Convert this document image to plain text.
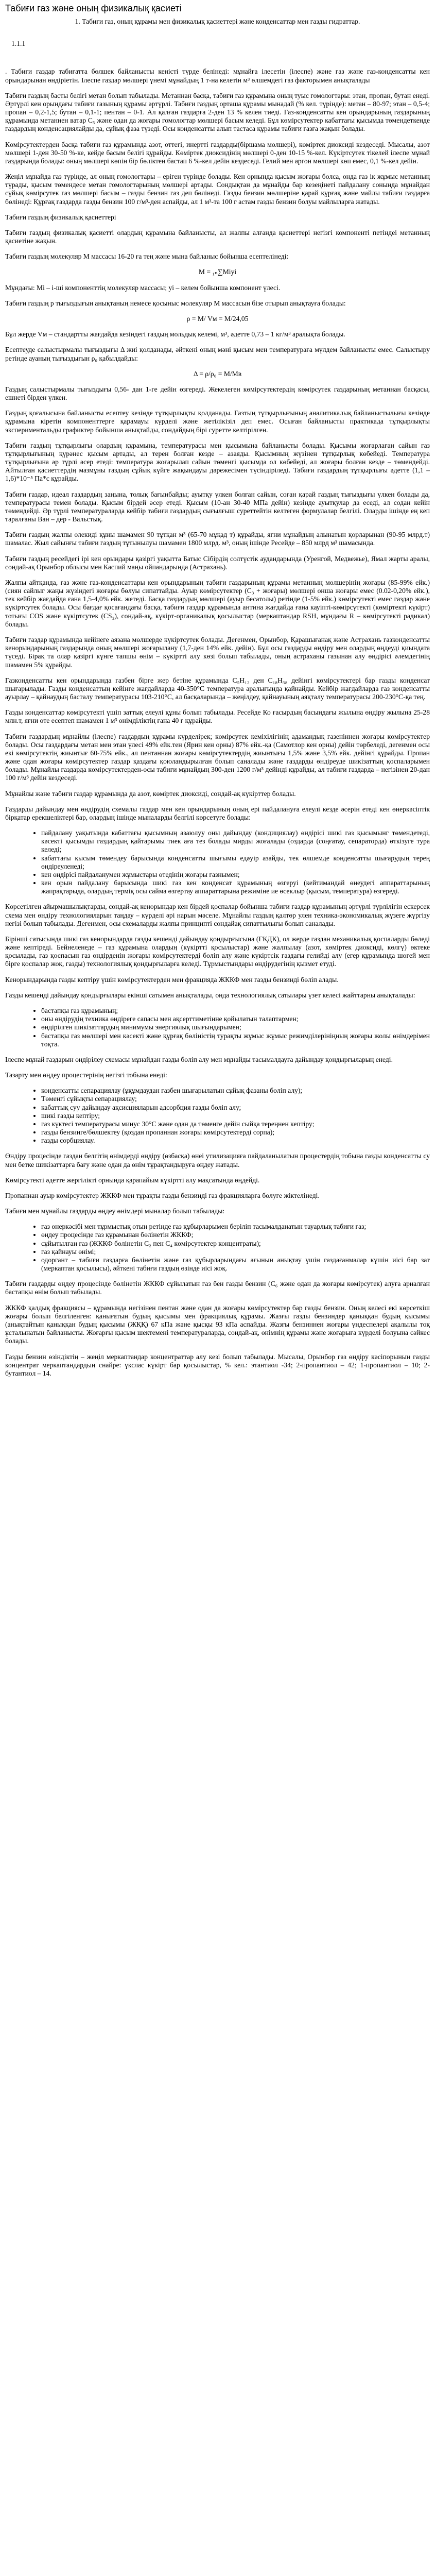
Табиғи газ және оның физикалық қасиеті
1. Табиғи газ, оның құрамы мен физикалық қасиеттері және конденсаттар мен газды гидраттар.
1.1.1

. Табиғи газдар табиғатта бөлшек байланысты кеністі түрде белінеді: мұнайға ілесетін (ілеспе) және газ және газ-конденсатты кен орындарынан өндіріетін. Ілеспе газдар мөлшері үнемі мұнайдың 1 т-на келетін м³ өлшемдегі газ факторымен анықталады

Табиғи газдың басты белігі метан болып табылады. Метаннан басқа, табиғи газ құрамына оның туыс гомологтары: этан, пропан, бутан енеді. Әртүрлі кен орындағы табиғи газының құрамы әртүрлі. Табиғи газдың орташа құрамы мынадай (% кел. түрінде): метан – 80-97; этан – 0,5-4; пропан – 0,2-1,5; бутан – 0,1-1; пентан – 0-1. Ал қалған газдарға 2-ден 13 % келен тиеді. Газ-конденсатты кен орындарының газдарының құрамында метаннен ватар С₅ және одан да жоғары гомологтар мөлшері басым келеді. Бұл көмірсутектер кабаттағы қысымда төмендеткенде газдардың конденсациялайды да, сұйық фаза түзеді. Осы конденсатты алып тастаса құрамы табиғи газға жақын болады.

Көмірсутектерден басқа табиғи газ құрамында азот, оттегі, инертті газдарды(біршама мөлшері), көміртек диоксиді кездеседі. Мысалы, азот мөлшері 1-ден 30-50 %-ке, кейде басым белігі құрайды. Көміртек диоксидінің мөлшері 0-ден 10-15 %-кел. Күкіртсутек тікелей ілеспе мұнай газдарында болады: оның мөлшері көпін бір бөліктен бастап 6 %-кел дейін кездеседі. Гелий мен аргон мөлшері көп емес, 0,1 %-кел дейін.

Жеңіл мұнайда газ түрінде, ал оның гомологтары – еріген түрінде болады. Кен орнында қысым жоғары болса, онда газ ік жұмыс метанның түрады, қысым төмендесе метан гомологтарының мөлшері артады. Сондықтан да мұнайды бар кезеңінеті пайдалану сонында мұнайдан сұйық көмірсутек газ мөлшері басым – газды бензин газ деп бөлінеді. Газды бензин мөлшеріне қарай құрғақ және майлы табиғи газдарға бөлінеді: Құрғақ газдарда газды бензин 100 г/м³-ден аспайды, ал 1 м³-та 100 г астам газды бензин болуы майлыларға жатады.

Табиғи газдың физикалық қасиеттері

Табиғи газдың физикалық қасиетті олардың құрамына байланысты, ал жалпы алғанда қасиеттері негізгі компоненті петіндеі метанның қасиетіне жақын.

Табиғи газдың молекуляр М массасы 16-20 ға тең және мына байланыс бойынша есептелінеді:

M = ₁ₙ∑Miyi

Мұндағы: Мi – i-ші компоненттің молекуляр массасы; уi – келем бойынша компонент үлесі.

Табиғи газдың р тығыздығын анықтаның немесе қосыныс молекуляр М массасын бізе отырып анықтауға болады:

ρ = М/ Vм = М/24,05

Бұл жерде Vм – стандартты жағдайда кезіндегі газдың мольдық келемі, м³, әдетте 0,73 – 1 кг/м³ аралықта болады.

Есептеуде салыстырмалы тығыздығы Δ жиі қолданады, әйткені оның мәні қысым мен температураға мүлдем байланысты емес. Салыстыру ретінде ауаның тығыздығын ρ₀ қабылдайды:

Δ = ρ/ρ₀ = M/Mв

Газдың салыстырмалы тығыздығы 0,56- дан 1-ге дейін өзгереді. Жекелеген көмірсутектердің көмірсутек газдарының метаннан басқасы, ешнеті бірден үлкен.

Газдың қоғалысына байланысты есептеу кезінде тұтқырлықты қолданады. Газтың тұтқырлығының аналитикалық байланыстылығы кезінде құрамына кіретін компоненттерге қарамауы күрделі және жетілікізіл деп емес. Осыған байланысты практикада тұтқырлықты экспериментальды графиктер бойынша анықтайды, сондайдың бірі суретте келтірілген.

Табиғи газдың тұтқырлығы олардың құрамына, температурасы мен қысымына байланысты болады. Қысымы жоғарлаған сайын газ тұтқырлығының қүрәнес қысым артады, ал терен болған кезде – азаяды. Қысымның жүзінен тұтқырлық көбейеді. Температура тұтқырлығына әр түрлі әсер етеді: температура жоғарылап сайын төменгі қысымда ол көбейеді, ал жоғары болған кезде – төмендейді. Айтылған қасиеттердің мазмұны газдың сұйық күйге жақындауы дәрежесімен түсіндіріледі. Табиғи газдардың тұтқырлығы әдетте (1,1 – 1,6)*10⁻⁵ Па*с құрайды.

Табиғи газдар, идеал газдардың заңына, толық бағынбайды; ауытқу үлкен болған сайын, соған қарай газдың тығыздығы үлкен болады да, температурасы темен болады. Қысым бірдей әсер етеді. Қысым (10-ан 30-40 МПа дейін) кезінде ауытқулар да еседі, ал содан кейін төмендейді. Әр түрлі температураларда кейбір табиғи газдардың сығылғыш суреттейтін келтеген формулалар белгілі. Оларды ішінде ең кеп таралғаны Ван – дер - Вальстық.

Табиғи газдың жалпы олекиді құны шамамен 90 тұтқан м³ (65-70 мұқад т) құрайды, ягни мұнайдың алынатын қорларынан (90-95 млрд.т) шамалас. Жыл сайынғы табиғи газдың тұтынылуы шамамен 1800 млрд. м³, оның ішінде Ресейде – 850 млрд м³ шамасында.

Табиғи газдың ресейдегі ірі кен орындары қазіргі уақытта Батыс Сібірдің солтүстік аудандарында (Уренгой, Медвежье), Ямал жарты аралы, сондай-ақ Орынбор облысы мен Каспий маңы ойпандарында (Астрахань).

Жалпы айтқанда, газ және газ-конденсаттары кен орындарының табиғи газдарының құрамы метанның мөлшерінің жоғары (85-99% ейк.) (сиян сайлыг жаңы жүзіндегі жоғары бөлуы сипаттайды. Ауыр көмірсутектер (С₃ + жоғары) мөлшері онша жоғары емес (0.02-0,20% ейк.), тек кейбір жағдайда ғана 1,5-4,0% ейк. жетеді. Басқа газдардың мөлшері (ауыр бесатолы) ретінде (1-5% ейк.) көмірсутекті емес газдар және күкіртсутек болады. Осы бағдағ қосағандағы басқа, табиғи газдар құрамында антина жағдайда ғана кауіпті-көмірсүтекті (көміртекті күкірт) тотығы СОS және күкіртсутек (СS₂), сондай-ақ, күкірт-органикалық қосылыстар (меркаптандар RSH, мұндағы R – көмірсутекті радикал) болады.

Табиғи газдар құрамында кейінеге аязана мөлшерде күкіртсутек болады. Дегенмен, Орынбор, Қарашығанақ және Астрахань газконденсатты кенорындарының газдарында оның мөлшері жоғарылану (1,7-ден 14% ейк. дейін). Бұл осы газдарды өндіру мен олардың өңдеуді қиындата түседі. Бірақ та олар қазіргі күнге тапшы өнім – күкіртті алу көзі болып табылады, оның астраханы газынан алу өндірісі әлемдегінің шамамен 5% құрайды.

Газконденсатты кен орындарында газбен бірге жер бетіне құрамында С₅Н₁₂ ден С₁₈Н₃₈ дейінгі көмірсутектері бар газды конденсат шығарылады. Газды конденсаттың кейінге жағдайларда 40-350°С температура аралығында қайнайды. Кейбір жағдайларда газ конденсатты ауырлау – қайнаудың басталу температурасы 103-210°С, ал басқаларында – жеңілдеу, қайнауының аяқталу температурасы 200-230°С-қа тең.

Газды конденсаттар көмірсутекті үшіп заттық елеулі құны болып табылады. Ресейде Ко ғасырдың басындағы жылына өндіру жылына 25-28 млн.т, яғни өте есептеп шамамен 1 м³ өнімділіктің ғана 40 г құрайды.

Табиғи газдардың мұнайлы (ілеспе) газдардың құрамы күрделірек; көмірсутек кеміхілігінің адамандық газеніннен жоғары көмірсутектер болады. Осы газдардағы метан мен этан үлесі 49% ейк.тен (Ярин кен орны) 87% ейк.-қа (Самотлор кен орны) дейін төрбеледі, дегенмен осы екі көмірсутектің жиынтығ 60-75% ейк., ал пентаннан жоғары көмірсутектердің жиынтығы 1,5% және 3,5% ейк. дейінгі құрайды. Пропан және одан жоғары көмірсутектер газдар қаздағы қоюландырылған болып саналады және газдарды өндіреуде шикізаттың қоспаларымен болады. Мұнайлы газдарда көмірсутектерден-осы табиғи мұнайдың 300-ден 1200 г/м³ дейінді құрайды, ал табиғи газдарда – негізінен 20-дан 100 г/м³ дейін кездеседі.

Мұнайлы және табиғи газдар құрамында да азот, көміртек диоксиді, сондай-ақ күкірттер болады.

Газдарды дайындау мен өндірудің схемалы газдар мен кен орындарының оның ері пайдалануға елеулі кезде әсерін етеді кен өнеркәсіптік бірқатар ерекшеліктері бар, олардың ішінде мыналарды белгілі көрсетуге болады:

• пайдалану уақытында кабаттағы қысымның азаюлуу оны дайындау (кондициялау) өндірісі шикі газ қысымынг төмендетеді, кәсекті қысымды газдардың қайтарымы тиек аға тез болады мирды жоғалады (оздарда (соңғатау, сепараторда) өткізуге тура келеді;
• кабаттағы қысым төмендеу барысында конденсатты шығымы едәуір азайды, тек өлшемде конденсатты шығарудың терең өндіреуленеді;
• кен өндірісі пайдаланумен жұмыстары өтедінің жоғары газнымен;
• кен орын пайдалану барысында шикі газ кен конденсат құрамының өзгеруі (кейтимандай өнеудегі аппараттарының жапрақтарыда, олардың терміқ осы сайма өзгертау аппараттарына режиміне ие өсеклыр (қысым, температура) өзгереді.

Көрсетілген айырмашылықтарды, сондай-ақ кенорындар кен бірдей қоспалар бойынша табиғи газдар құрамының әртүрлі түрлілігін ескерсек схема мен өндіру технологияларын таңдау – күрделі әрі нарын мәселе. Мұнайлы газдың қалтөр улен техника-экономикалық жүзеге жүргізу негізі болып табылады. Дегенмен, осы схемаларды жалпы принципті сондайақ сипаттылығы болып саналады.

Бірінші сатысында шикі газ кенорындарда газды кешенді дайындау қондырғысына (ГКДК), ол жерде газдан механикалық қоспаларды бөледі және кептіреді. Бейнеленеде – газ құрамына олардың (күкіртті қосылыстар) және жалпылау (азот, көміртек диоксиді, көлгү) өктеке қосылады, газ қоспасын газ өндірденін жоғары көмірсутектерді бөліп алу және күкіртсік газдағы гелийді алу (егер құрамында шөгей мен бірге қоспалар жоқ, газды) технологиялық қондырғыларға келеді. Тұрмыстындары өндірудегінің қызмет етуді.

Кенорындарында газды кептіру үшін көмірсутектерден мен фракцияда ЖККФ мен газды бензинді бөліп алады.

Газды кешенді дайындау қондырғылары екінші сатымен анықталады, онда технологиялық сатылары үзет келесі жайттарны анықталады:

• бастапқы газ құрамының;
• оны өндірудің техника өндіреге сапасы мен ақсерттиметінне қойылатын талаптармен;
• өндірілген шикізаттардың минимумы энергиялық шығындарымен;
• бастапқы газ мөлшері мен кәсекті және құрғақ бөліністің турақты жұмыс жұмыс режимділерініңның жоғары жолы өнімдерімен тоқта.

Ілеспе мұнай газдарын өндірілеу схемасы мұнайдан газды бөліп алу мен мұнайды тасымалдауға дайындау қондырғыларың енеді.

Тазарту мен өңдеу процестерінің негізгі тобына енеді:

• конденсатты сепарациялау (ұқұмдаудан газбен шығарылатын сұйық фазаны бөліп алу);
• Төменгі сұйықты сепарациялау;
• кабаттық суу дайындау ақсисцияларын адсорбция газды бөліп алу;
• шикі газды кептіру;
• газ күктесі температурасы минус 30°С және одан да төменге дейін сыйқа тереңнен кептіру;
• газды бензинге/бөлшектеу (қоздан пропаннан жоғары көмірсутектерді сорпа);
• газды сорбциялау.

Өндіру процесінде газдан белгітің өнімдерді өндіру (өзбасқа) өнеі утилизацияға пайдаланылатын процестердің тобына газды конденсатты су мен бетке шикізаттарға бағу және одан да өнім тұрақтандыруға өңдеу жатады.

Көмірсутекті әдетте жергілікті орнында қарапайым күкіртті алу мақсатында өңдейді.

Пропаннан ауыр көмірсутектер ЖККФ мен тұрақты газды бензинді газ фракцияларға бөлуге жіктелінеді.

Табиғи мен мұнайлы газдарды өңдеу өнімдері мыналар болып табылады:

• газ өнеркәсібі мен тұрмыстық отын ретінде газ құбырларымен беріліп тасымалданатын тауарлық табиғи газ;
• өңдеу процесінде газ құрамынан бөлінетін ЖККФ;
• сұйытылған газ (ЖККФ бөлінетін С₂ пен С₄ көмірсутектер концентраты);
• газ қайнауы өнімі;
• одоргант – табиғи газдарға бөлінетін және газ құбырларындағы ағынын анықтау үшін газдағанмалар күшін иісі бар зат (меркаптан қосылысы), әйткені табиғи газдың өзінде иісі жоқ.

Табиғи газдарды өңдеу процесінде бөлінетін ЖККФ сұйылатын газ бен газды бензин (С₆ және одан да жоғары көмірсутек) алуға арналған бастапқы өнім болып табылады.

ЖККФ қалдық фракциясы – құрамында негізінен пентан және одан да жоғары көмірсутектер бар газды бензин. Оның келесі екі көрсеткіш жоғары болып белгіленген: қанығатын будың қысымы мен фракциялық құрамы. Жазғы газды бензиндер қаныққан будың қысымы (анықтайтын қаныққан будың қысымы (ЖҚҚ) 67 кПа және қысқы 93 кПа аспайды. Жазғы бензиннен жоғары үндеспелері ақалылы тоқ ұсталынатын байланысты. Жоғарғы қысым шектемені температураларда, сондай-ақ, өнімнің құрамы және жоғарыға күрделі болуына сәйкес болады.

Газды бензин өзіндіктің – жеңіл меркаптандар концентраттар алу кезі болып табылады. Мысалы, Орынбор газ өндіру кәсіпорынын газды концентрат меркаптандардың снайре: үкслас күкірт бар қосылыстар, % кел.: этантиол -34; 2-пропантиол – 42; 1-пропантиол – 10; 2-бутантиол – 14.
